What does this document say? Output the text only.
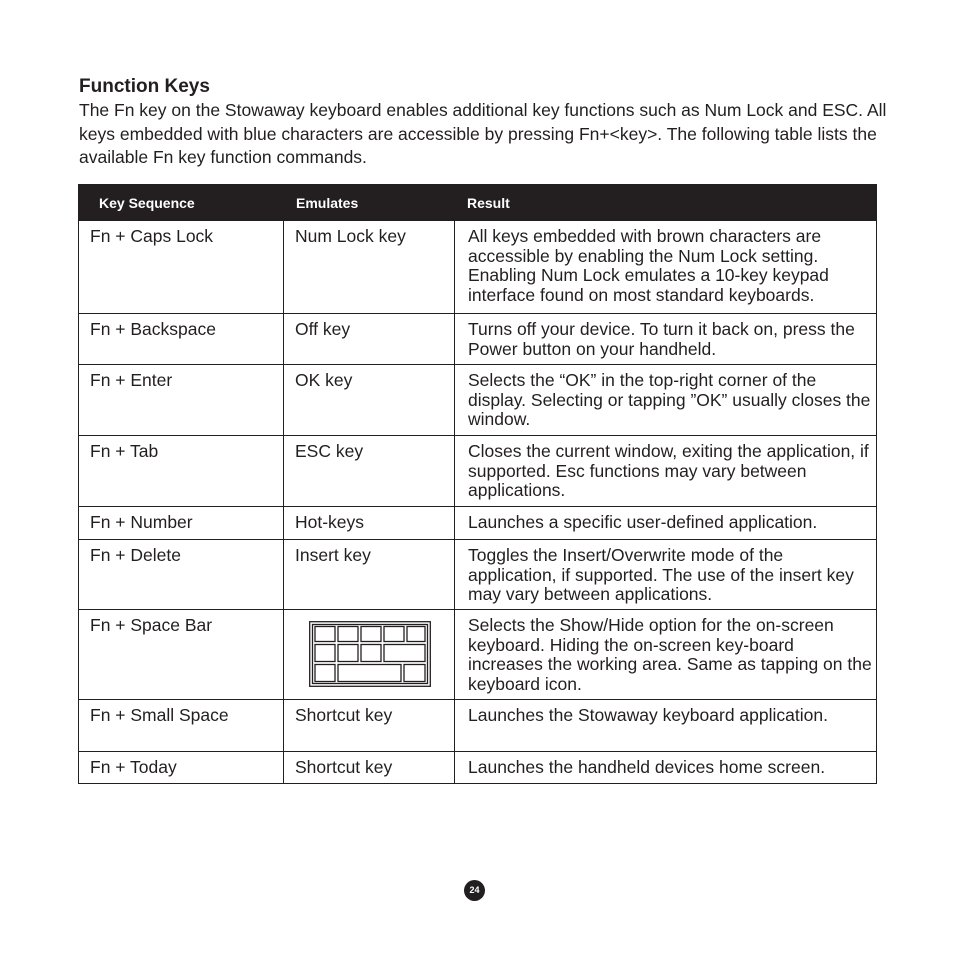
Function Keys

The Fn key on the Stowaway keyboard enables additional key functions such as Num Lock and ESC. All keys embedded with blue characters are accessible by pressing Fn+<key>. The following table lists the available Fn key function commands.

Key Sequence	Emulates	Result
Fn + Caps Lock	Num Lock key	All keys embedded with brown characters are accessible by enabling the Num Lock setting. Enabling Num Lock emulates a 10-key keypad interface found on most standard keyboards.
Fn + Backspace	Off key	Turns off your device. To turn it back on, press the Power button on your handheld.
Fn + Enter	OK key	Selects the “OK” in the top-right corner of the display. Selecting or tapping ”OK” usually closes the window.
Fn + Tab	ESC key	Closes the current window, exiting the application, if supported. Esc functions may vary between applications.
Fn + Number	Hot-keys	Launches a specific user-defined application.
Fn + Delete	Insert key	Toggles the Insert/Overwrite mode of the application, if supported. The use of the insert key may vary between applications.
Fn + Space Bar		Selects the Show/Hide option for the on-screen keyboard. Hiding the on-screen key-board increases the working area. Same as tapping on the keyboard icon.
Fn + Small Space	Shortcut key	Launches the Stowaway keyboard application.
Fn + Today	Shortcut key	Launches the handheld devices home screen.
24
